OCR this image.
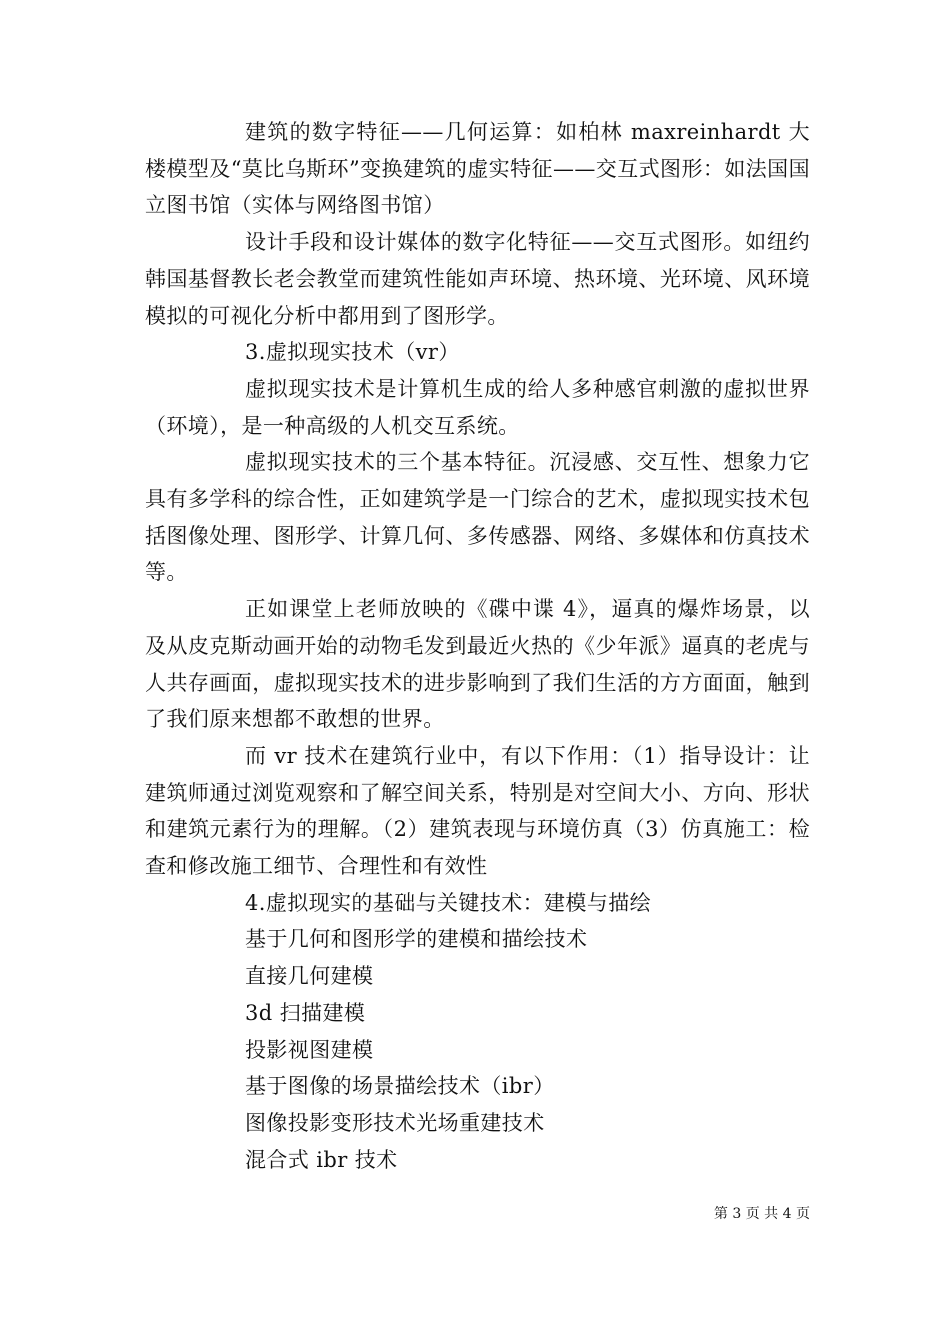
建筑的数字特征——几何运算：如柏林 maxreinhardt 大楼模型及“莫比乌斯环”变换建筑的虚实特征——交互式图形：如法国国立图书馆（实体与网络图书馆）

设计手段和设计媒体的数字化特征——交互式图形。如纽约韩国基督教长老会教堂而建筑性能如声环境、热环境、光环境、风环境模拟的可视化分析中都用到了图形学。

3.虚拟现实技术（vr）

虚拟现实技术是计算机生成的给人多种感官刺激的虚拟世界（环境），是一种高级的人机交互系统。

虚拟现实技术的三个基本特征。沉浸感、交互性、想象力它具有多学科的综合性，正如建筑学是一门综合的艺术，虚拟现实技术包括图像处理、图形学、计算几何、多传感器、网络、多媒体和仿真技术等。

正如课堂上老师放映的《碟中谍 4》，逼真的爆炸场景，以及从皮克斯动画开始的动物毛发到最近火热的《少年派》逼真的老虎与人共存画面，虚拟现实技术的进步影响到了我们生活的方方面面，触到了我们原来想都不敢想的世界。

而 vr 技术在建筑行业中，有以下作用：（1）指导设计：让建筑师通过浏览观察和了解空间关系，特别是对空间大小、方向、形状和建筑元素行为的理解。（2）建筑表现与环境仿真（3）仿真施工：检查和修改施工细节、合理性和有效性

4.虚拟现实的基础与关键技术：建模与描绘

基于几何和图形学的建模和描绘技术

直接几何建模

3d 扫描建模

投影视图建模

基于图像的场景描绘技术（ibr）

图像投影变形技术光场重建技术

混合式 ibr 技术

第 3 页 共 4 页
